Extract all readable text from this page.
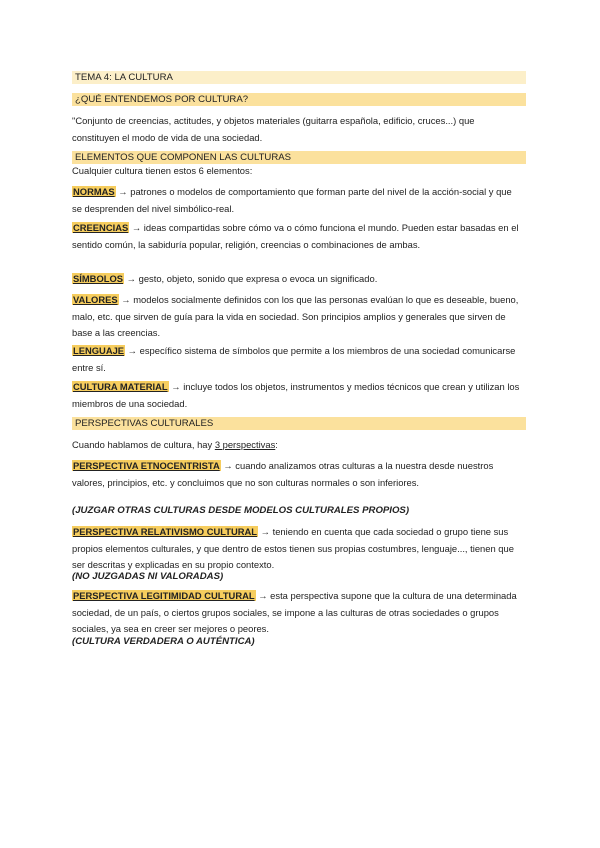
TEMA 4: LA CULTURA
¿QUÉ ENTENDEMOS POR CULTURA?

"Conjunto de creencias, actitudes, y objetos materiales (guitarra española, edificio, cruces...) que constituyen el modo de vida de una sociedad.

ELEMENTOS QUE COMPONEN LAS CULTURAS

Cualquier cultura tienen estos 6 elementos:

NORMAS → patrones o modelos de comportamiento que forman parte del nivel de la acción-social y que se desprenden del nivel simbólico-real.

CREENCIAS → ideas compartidas sobre cómo va o cómo funciona el mundo. Pueden estar basadas en el sentido común, la sabiduría popular, religión, creencias o combinaciones de ambas.

SÍMBOLOS → gesto, objeto, sonido que expresa o evoca un significado.

VALORES → modelos socialmente definidos con los que las personas evalúan lo que es deseable, bueno, malo, etc. que sirven de guía para la vida en sociedad. Son principios amplios y generales que sirven de base a las creencias.

LENGUAJE → específico sistema de símbolos que permite a los miembros de una sociedad comunicarse entre sí.

CULTURA MATERIAL → incluye todos los objetos, instrumentos y medios técnicos que crean y utilizan los miembros de una sociedad.

PERSPECTIVAS CULTURALES

Cuando hablamos de cultura, hay 3 perspectivas:

PERSPECTIVA ETNOCENTRISTA → cuando analizamos otras culturas a la nuestra desde nuestros valores, principios, etc. y concluimos que no son culturas normales o son inferiores.

(JUZGAR OTRAS CULTURAS DESDE MODELOS CULTURALES PROPIOS)

PERSPECTIVA RELATIVISMO CULTURAL → teniendo en cuenta que cada sociedad o grupo tiene sus propios elementos culturales, y que dentro de estos tienen sus propias costumbres, lenguaje..., tienen que ser descritas y explicadas en su propio contexto.

(NO JUZGADAS NI VALORADAS)

PERSPECTIVA LEGITIMIDAD CULTURAL → esta perspectiva supone que la cultura de una determinada sociedad, de un país, o ciertos grupos sociales, se impone a las culturas de otras sociedades o grupos sociales, ya sea en creer ser mejores o peores.

(CULTURA VERDADERA O AUTÉNTICA)
